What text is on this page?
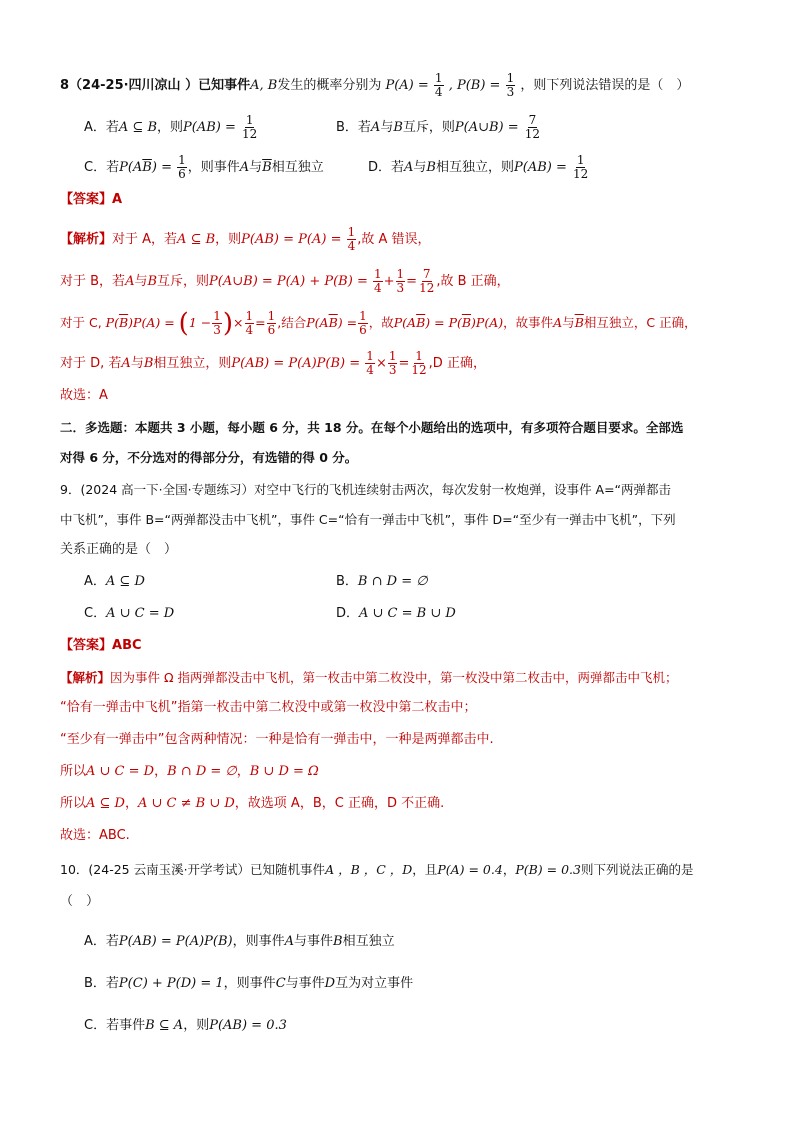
8（24-25·四川凉山 ）已知事件A, B发生的概率分别为 $P(A) = \frac{1}{4}$ , $P(B) = \frac{1}{3}$ ，则下列说法错误的是（　）
A．若A ⊆ B，则$P(AB) = \frac{1}{12}$	B．若A与B互斥，则P(A∪B) = $\frac{7}{12}$
C．若$P(A\overline{B}) = \frac{1}{6}$ ，则事件A与$\overline{B}$相互独立	D．若A与B相互独立，则$P(AB) = \frac{1}{12}$
【答案】A
【解析】对于 A，若A ⊆ B，则$P(AB) = P(A) = \frac{1}{4}$ ,故 A 错误，
对于 B，若A与B互斥，则P(A∪B) = $P(A) + P(B) = \frac{1}{4} + \frac{1}{3} = \frac{7}{12}$ ,故 B 正确，
对于 C, $P(\overline{B})P(A) = (1 - \frac{1}{3}$ )× $\frac{1}{4} = \frac{1}{6}$ ,结合$P(A\overline{B}) = \frac{1}{6}$ ，故$P(A\overline{B}) = P(\overline{B})P(A)$，故事件A与$\overline{B}$相互独立，C 正确，
对于 D, 若A与B相互独立，则$P(AB) = P(A)P(B) = \frac{1}{4} \times \frac{1}{3} = \frac{1}{12} ,D$ 正确，
故选：A
二．多选题：本题共 3 小题，每小题 6 分，共 18 分。在每个小题给出的选项中，有多项符合题目要求。全部选
对得 6 分，不分选对的得部分分，有选错的得 0 分。
9．(2024 高一下·全国·专题练习）对空中飞行的飞机连续射击两次，每次发射一枚炮弹，设事件 A=“两弹都击
中飞机”，事件 B=“两弹都没击中飞机”，事件 C=“恰有一弹击中飞机”，事件 D=“至少有一弹击中飞机”，下列
关系正确的是（　）
A．A ⊆ D	B．B ∩ D = ∅
C．A ∪ C = D	D．A ∪ C = B ∪ D
【答案】ABC
【解析】因为事件 Ω 指两弹都没击中飞机，第一枚击中第二枚没中，第一枚没中第二枚击中，两弹都击中飞机；
“恰有一弹击中飞机”指第一枚击中第二枚没中或第一枚没中第二枚击中；
“至少有一弹击中”包含两种情况：一种是恰有一弹击中，一种是两弹都击中.
所以A ∪ C = D，B ∩ D = ∅，B ∪ D = Ω
所以A ⊆ D，A ∪ C ≠ B ∪ D，故选项 A，B，C 正确，D 不正确.
故选：ABC.
10．(24-25 云南玉溪·开学考试）已知随机事件A ，B ，C ，D，且P(A) = 0.4，P(B) = 0.3则下列说法正确的是
（　）
A．若P(AB) = P(A)P(B)，则事件A与事件B相互独立
B．若P(C) + P(D) = 1，则事件C与事件D互为对立事件
C．若事件B ⊆ A，则P(AB) = 0.3
